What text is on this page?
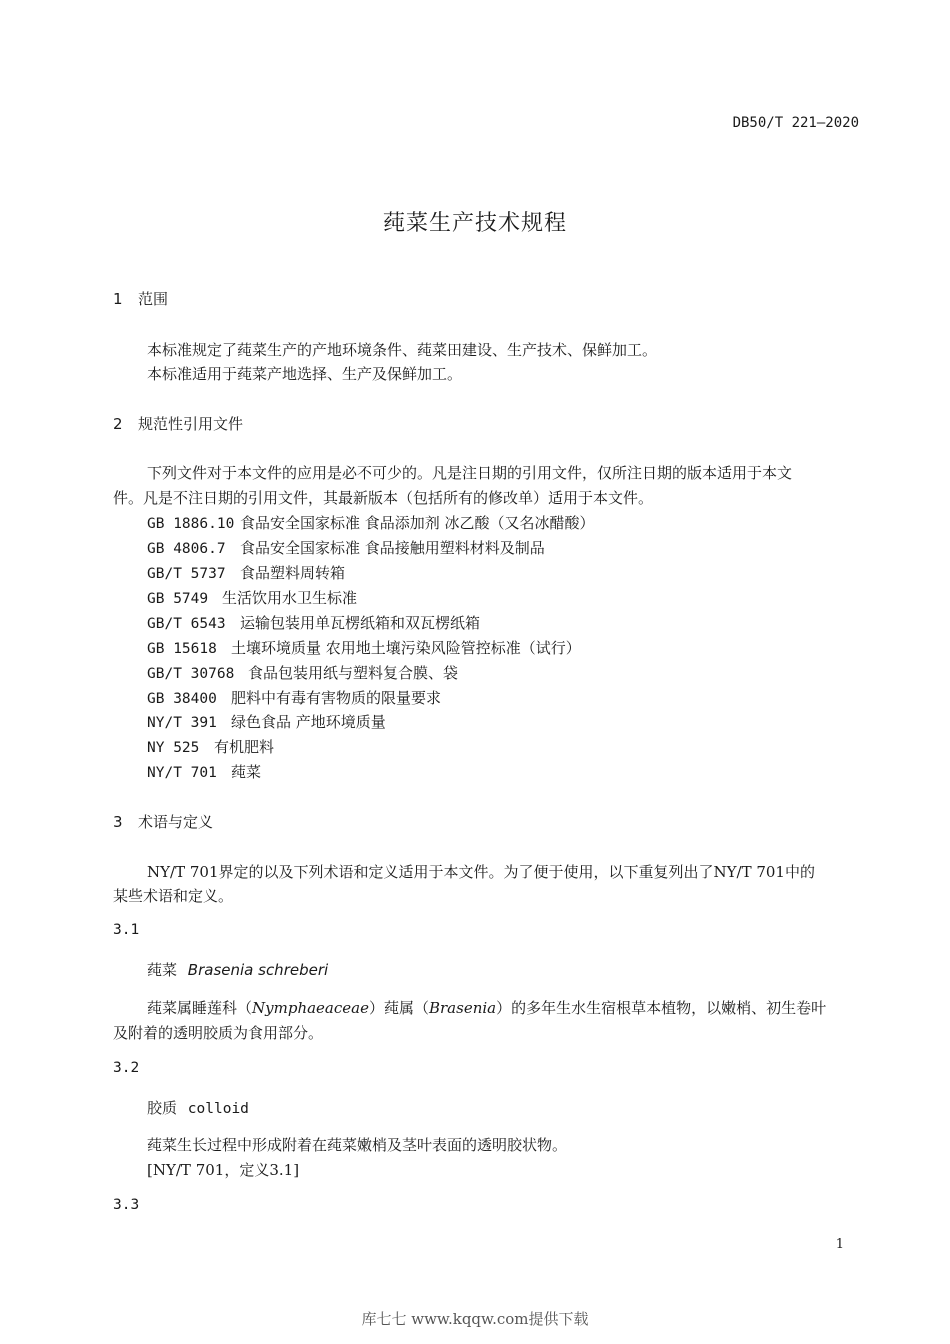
DB50/T 221—2020
莼菜生产技术规程
1 范围
本标准规定了莼菜生产的产地环境条件、莼菜田建设、生产技术、保鲜加工。
本标准适用于莼菜产地选择、生产及保鲜加工。
2 规范性引用文件
下列文件对于本文件的应用是必不可少的。凡是注日期的引用文件，仅所注日期的版本适用于本文
件。凡是不注日期的引用文件，其最新版本（包括所有的修改单）适用于本文件。
GB 1886.10 食品安全国家标准 食品添加剂 冰乙酸（又名冰醋酸）
GB 4806.7 食品安全国家标准 食品接触用塑料材料及制品
GB/T 5737 食品塑料周转箱
GB 5749 生活饮用水卫生标准
GB/T 6543 运输包装用单瓦楞纸箱和双瓦楞纸箱
GB 15618 土壤环境质量 农用地土壤污染风险管控标准（试行）
GB/T 30768 食品包装用纸与塑料复合膜、袋
GB 38400 肥料中有毒有害物质的限量要求
NY/T 391 绿色食品 产地环境质量
NY 525 有机肥料
NY/T 701 莼菜
3 术语与定义
NY/T 701界定的以及下列术语和定义适用于本文件。为了便于使用，以下重复列出了NY/T 701中的
某些术语和定义。
3.1
莼菜 Brasenia schreberi
莼菜属睡莲科（Nymphaeaceae）莼属（Brasenia）的多年生水生宿根草本植物，以嫩梢、初生卷叶
及附着的透明胶质为食用部分。
3.2
胶质 colloid
莼菜生长过程中形成附着在莼菜嫩梢及茎叶表面的透明胶状物。
[NY/T 701，定义3.1]
3.3
1
库七七 www.kqqw.com提供下载
